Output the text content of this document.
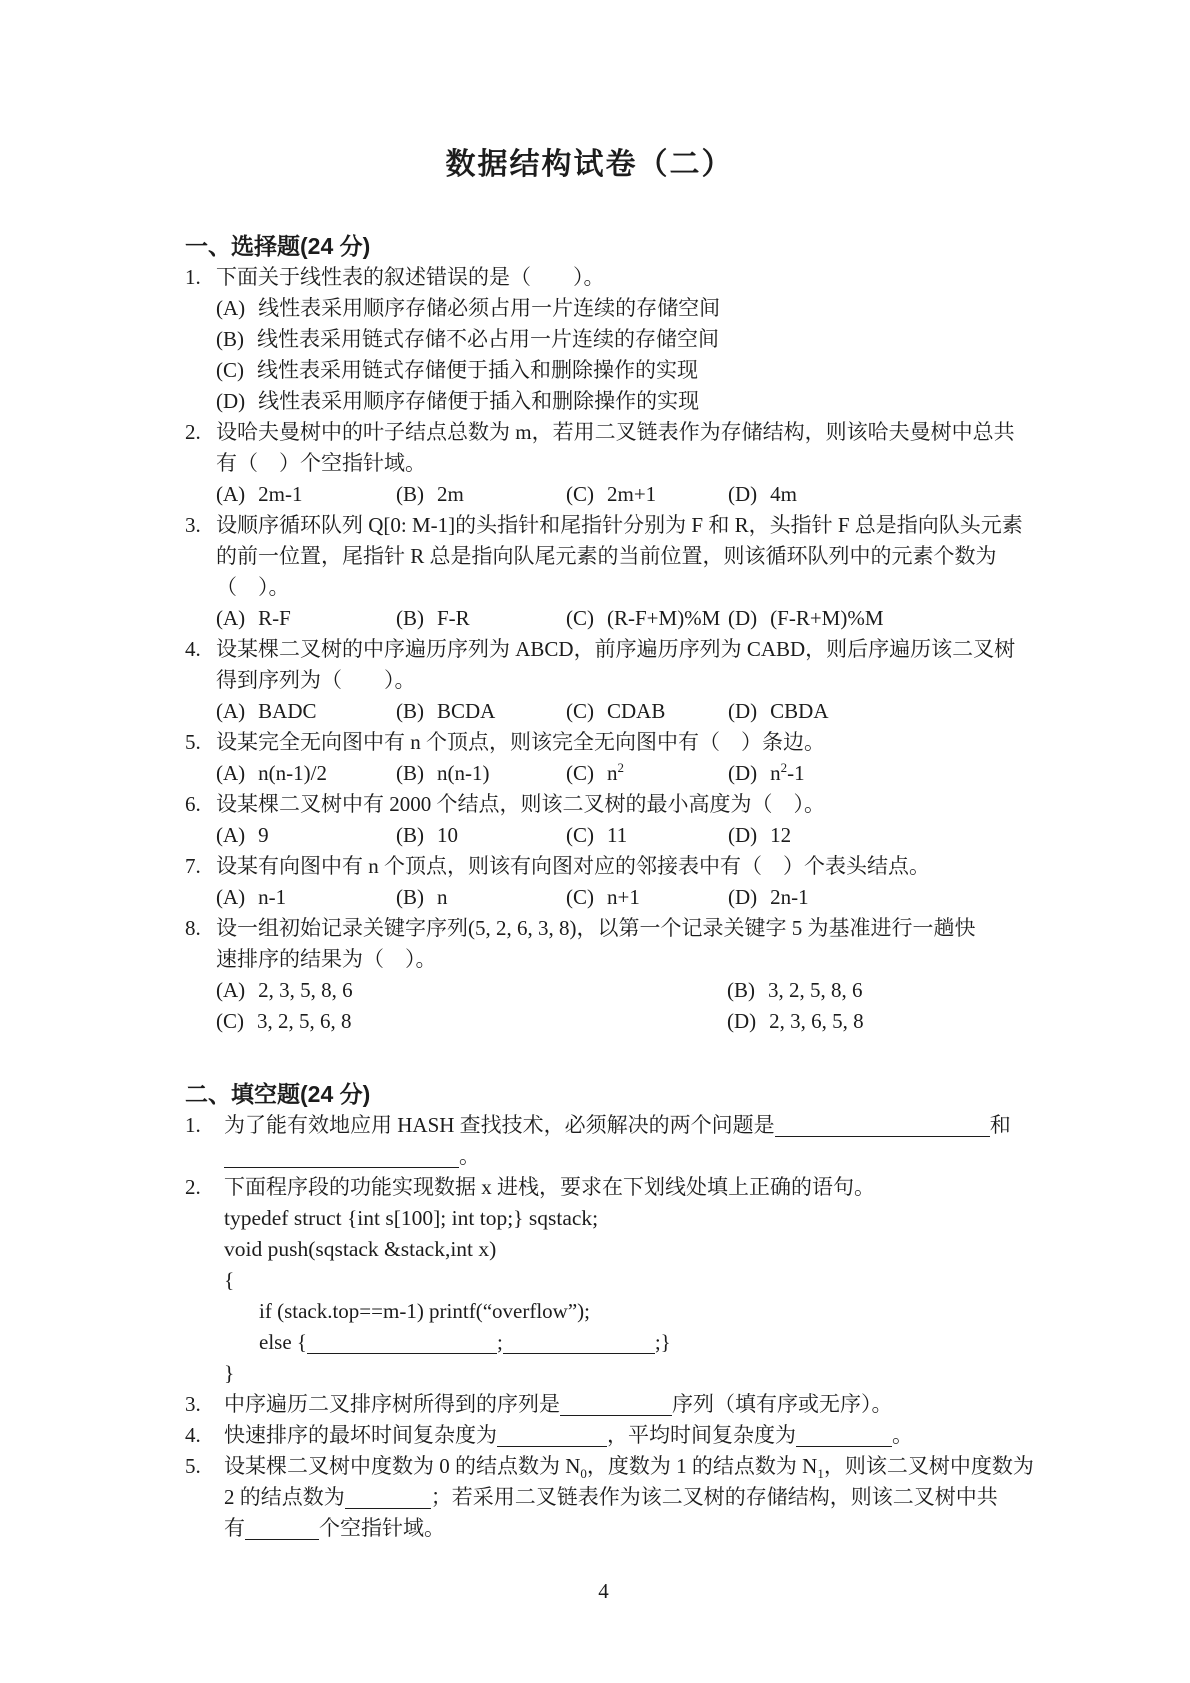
数据结构试卷（二）
一、选择题(24 分)
1. 下面关于线性表的叙述错误的是（　　）。
(A) 线性表采用顺序存储必须占用一片连续的存储空间
(B) 线性表采用链式存储不必占用一片连续的存储空间
(C) 线性表采用链式存储便于插入和删除操作的实现
(D) 线性表采用顺序存储便于插入和删除操作的实现
2. 设哈夫曼树中的叶子结点总数为 m，若用二叉链表作为存储结构，则该哈夫曼树中总共
有（　）个空指针域。
(A) 2m-1	(B) 2m	(C) 2m+1	(D) 4m
3. 设顺序循环队列 Q[0: M-1]的头指针和尾指针分别为 F 和 R，头指针 F 总是指向队头元素
的前一位置，尾指针 R 总是指向队尾元素的当前位置，则该循环队列中的元素个数为
（　）。
(A) R-F	(B) F-R	(C) (R-F+M)%M (D) (F-R+M)%M
4. 设某棵二叉树的中序遍历序列为 ABCD，前序遍历序列为 CABD，则后序遍历该二叉树
得到序列为（　　）。
(A) BADC	(B) BCDA	(C) CDAB	(D) CBDA
5. 设某完全无向图中有 n 个顶点，则该完全无向图中有（　）条边。
(A) n(n-1)/2	(B) n(n-1)	(C) $n^2$	(D) $n^2-1$
6. 设某棵二叉树中有 2000 个结点，则该二叉树的最小高度为（　）。
(A) 9	(B) 10	(C) 11	(D) 12
7. 设某有向图中有 n 个顶点，则该有向图对应的邻接表中有（　）个表头结点。
(A) n-1	(B) n	(C) n+1	(D) 2n-1
8. 设一组初始记录关键字序列(5, 2, 6, 3, 8)，以第一个记录关键字 5 为基准进行一趟快
速排序的结果为（　）。
(A) 2, 3, 5, 8, 6	(B) 3, 2, 5, 8, 6
(C) 3, 2, 5, 6, 8	(D) 2, 3, 6, 5, 8
二、填空题(24 分)
1.	为了能有效地应用 HASH 查找技术，必须解决的两个问题是	和
。
2.	下面程序段的功能实现数据 x 进栈，要求在下划线处填上正确的语句。
typedef struct {int s[100]; int top;} sqstack;
void push(sqstack &stack,int x)
{
if (stack.top==m-1) printf(“overflow”);
else {	;	;}
}
3.	中序遍历二叉排序树所得到的序列是	序列（填有序或无序）。
4.	快速排序的最坏时间复杂度为	，平均时间复杂度为	。
5.	设某棵二叉树中度数为 0 的结点数为 $N_0$，度数为 1 的结点数为 $N_1$，则该二叉树中度数为
2 的结点数为	；若采用二叉链表作为该二叉树的存储结构，则该二叉树中共
有	个空指针域。
4
